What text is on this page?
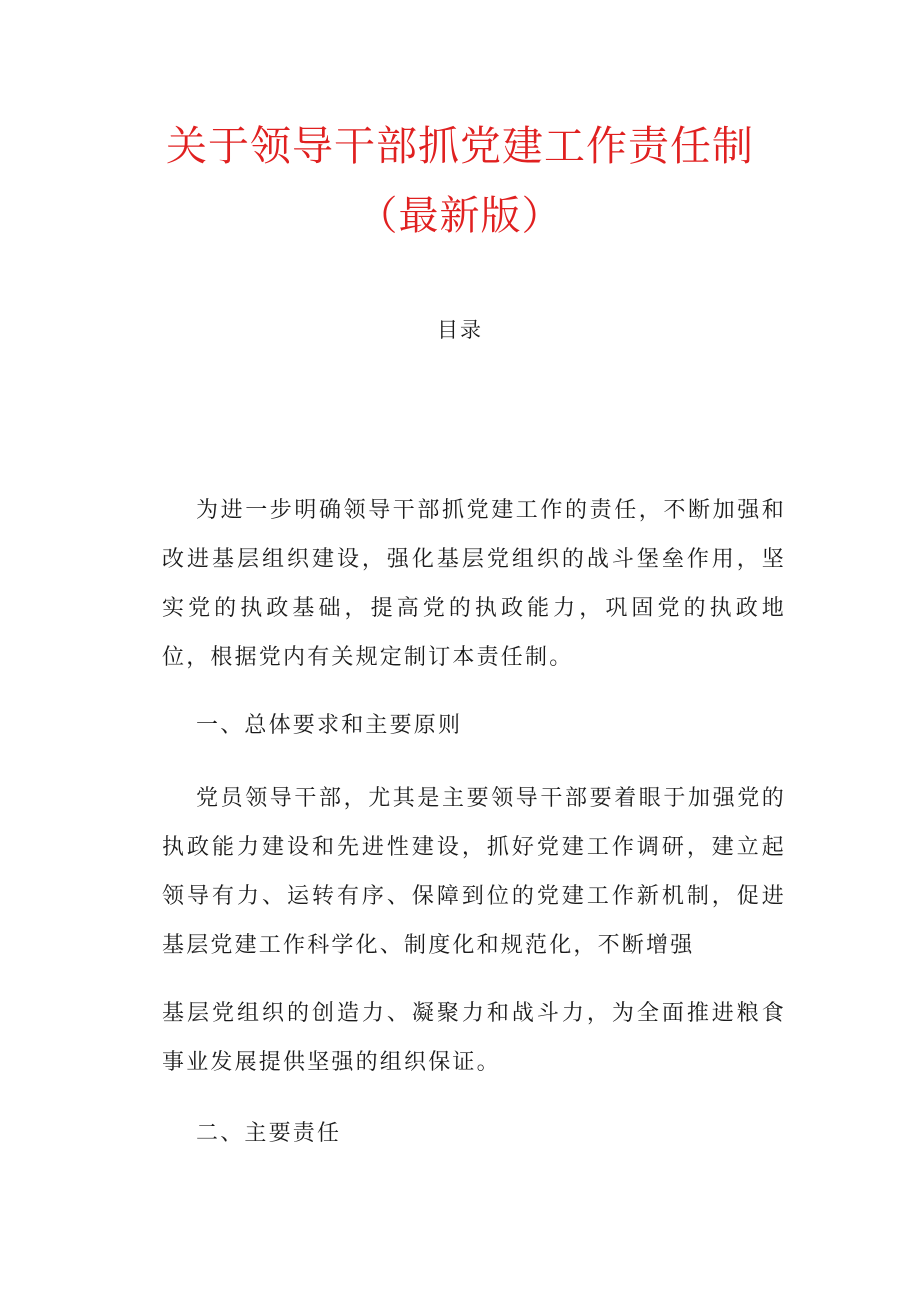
关于领导干部抓党建工作责任制
（最新版）
目录

为进一步明确领导干部抓党建工作的责任，不断加强和改进基层组织建设，强化基层党组织的战斗堡垒作用，坚实党的执政基础，提高党的执政能力，巩固党的执政地位，根据党内有关规定制订本责任制。

一、总体要求和主要原则

党员领导干部，尤其是主要领导干部要着眼于加强党的执政能力建设和先进性建设，抓好党建工作调研，建立起领导有力、运转有序、保障到位的党建工作新机制，促进基层党建工作科学化、制度化和规范化，不断增强

基层党组织的创造力、凝聚力和战斗力，为全面推进粮食事业发展提供坚强的组织保证。

二、主要责任
